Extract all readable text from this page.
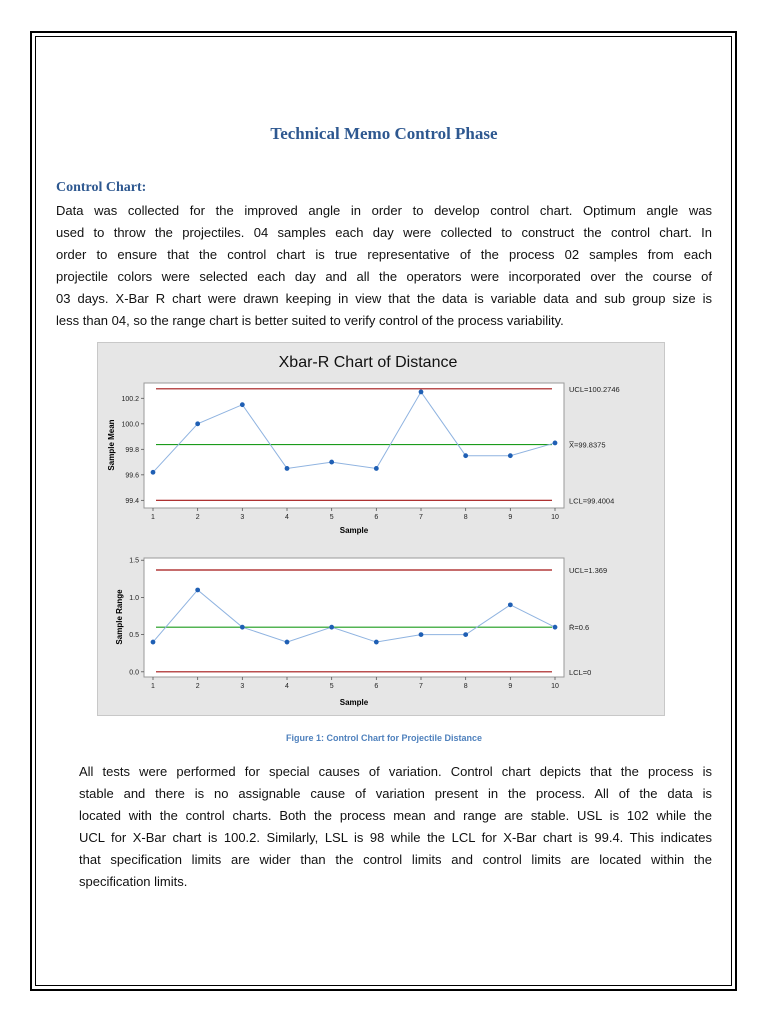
Technical Memo Control Phase
Control Chart:
Data was collected for the improved angle in order to develop control chart. Optimum angle was
used to throw the projectiles. 04 samples each day were collected to construct the control chart. In
order to ensure that the control chart is true representative of the process 02 samples from each
projectile colors were selected each day and all the operators were incorporated over the course of
03 days. X-Bar R chart were drawn keeping in view that the data is variable data and sub group size is
less than 04, so the range chart is better suited to verify control of the process variability.
Xbar-R Chart of Distance
UCL=100.2746
X̿=99.8375
LCL=99.4004
99.4
99.6
99.8
100.0
100.2
1	2	3	4	5	6	7	8	9	10
Sample
Sample Mean
UCL=1.369
R̄=0.6
LCL=0
0.0
0.5
1.0
1.5
1	2	3	4	5	6	7	8	9	10
Sample
Sample Range
Figure 1: Control Chart for Projectile Distance
All tests were performed for special causes of variation. Control chart depicts that the process is
stable and there is no assignable cause of variation present in the process. All of the data is
located with the control charts. Both the process mean and range are stable. USL is 102 while the
UCL for X-Bar chart is 100.2. Similarly, LSL is 98 while the LCL for X-Bar chart is 99.4. This indicates
that specification limits are wider than the control limits and control limits are located within the
specification limits.
